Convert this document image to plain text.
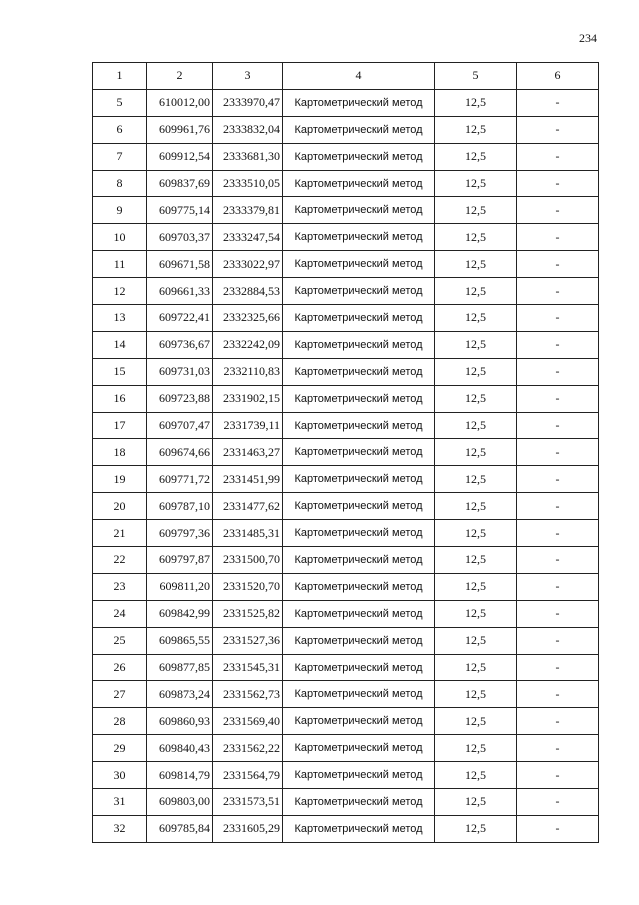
234
1	2	3	4	5	6
5	610012,00	2333970,47	Картометрический метод	12,5	-
6	609961,76	2333832,04	Картометрический метод	12,5	-
7	609912,54	2333681,30	Картометрический метод	12,5	-
8	609837,69	2333510,05	Картометрический метод	12,5	-
9	609775,14	2333379,81	Картометрический метод	12,5	-
10	609703,37	2333247,54	Картометрический метод	12,5	-
11	609671,58	2333022,97	Картометрический метод	12,5	-
12	609661,33	2332884,53	Картометрический метод	12,5	-
13	609722,41	2332325,66	Картометрический метод	12,5	-
14	609736,67	2332242,09	Картометрический метод	12,5	-
15	609731,03	2332110,83	Картометрический метод	12,5	-
16	609723,88	2331902,15	Картометрический метод	12,5	-
17	609707,47	2331739,11	Картометрический метод	12,5	-
18	609674,66	2331463,27	Картометрический метод	12,5	-
19	609771,72	2331451,99	Картометрический метод	12,5	-
20	609787,10	2331477,62	Картометрический метод	12,5	-
21	609797,36	2331485,31	Картометрический метод	12,5	-
22	609797,87	2331500,70	Картометрический метод	12,5	-
23	609811,20	2331520,70	Картометрический метод	12,5	-
24	609842,99	2331525,82	Картометрический метод	12,5	-
25	609865,55	2331527,36	Картометрический метод	12,5	-
26	609877,85	2331545,31	Картометрический метод	12,5	-
27	609873,24	2331562,73	Картометрический метод	12,5	-
28	609860,93	2331569,40	Картометрический метод	12,5	-
29	609840,43	2331562,22	Картометрический метод	12,5	-
30	609814,79	2331564,79	Картометрический метод	12,5	-
31	609803,00	2331573,51	Картометрический метод	12,5	-
32	609785,84	2331605,29	Картометрический метод	12,5	-
